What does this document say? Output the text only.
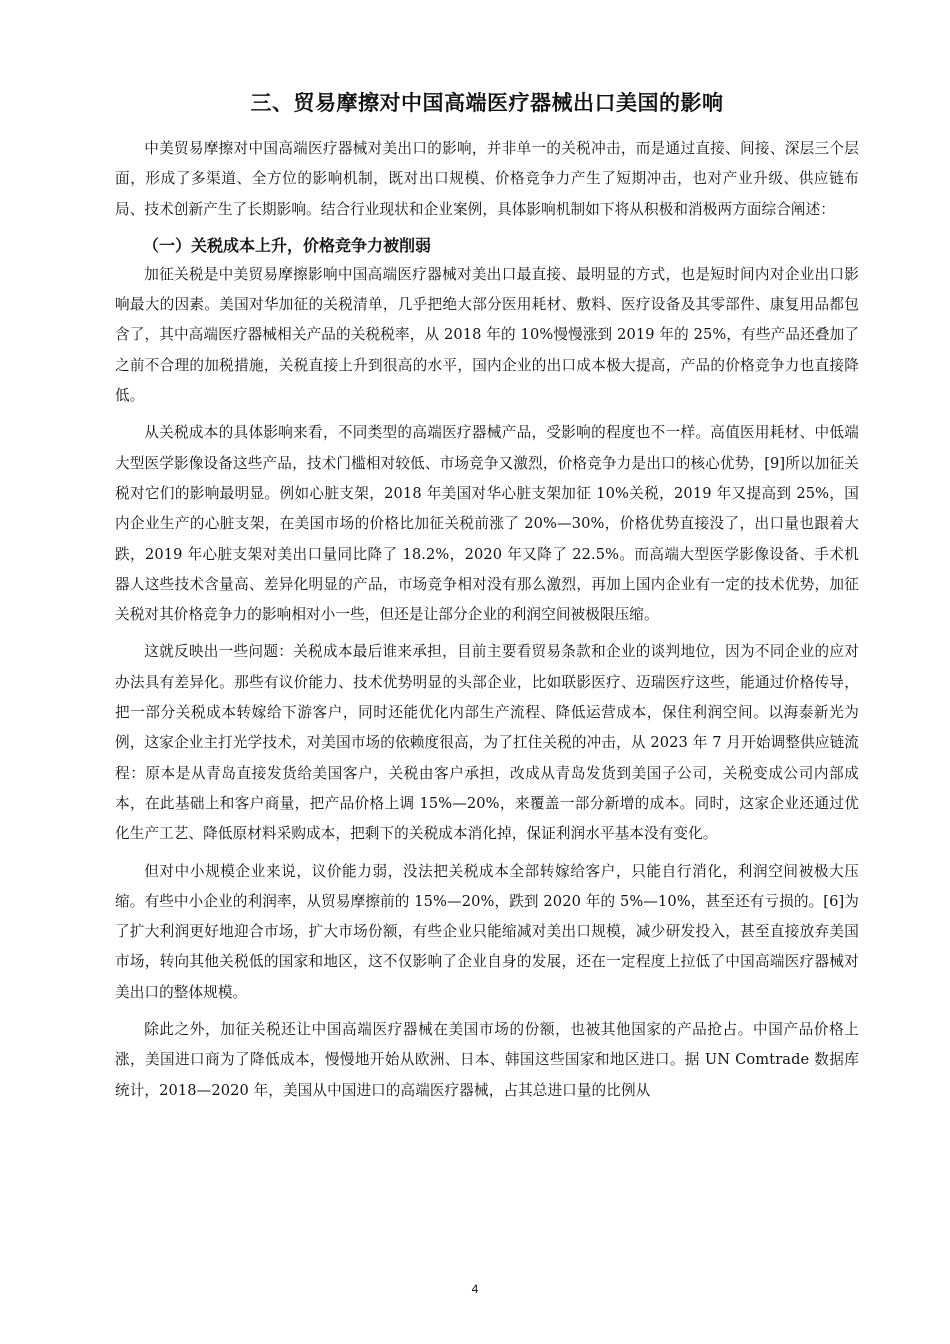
三、贸易摩擦对中国高端医疗器械出口美国的影响

中美贸易摩擦对中国高端医疗器械对美出口的影响，并非单一的关税冲击，而是通过直接、间接、深层三个层面，形成了多渠道、全方位的影响机制，既对出口规模、价格竞争力产生了短期冲击，也对产业升级、供应链布局、技术创新产生了长期影响。结合行业现状和企业案例，具体影响机制如下将从积极和消极两方面综合阐述：

（一）关税成本上升，价格竞争力被削弱

加征关税是中美贸易摩擦影响中国高端医疗器械对美出口最直接、最明显的方式，也是短时间内对企业出口影响最大的因素。美国对华加征的关税清单，几乎把绝大部分医用耗材、敷料、医疗设备及其零部件、康复用品都包含了，其中高端医疗器械相关产品的关税税率，从 2018 年的 10%慢慢涨到 2019 年的 25%，有些产品还叠加了之前不合理的加税措施，关税直接上升到很高的水平，国内企业的出口成本极大提高，产品的价格竞争力也直接降低。

从关税成本的具体影响来看，不同类型的高端医疗器械产品，受影响的程度也不一样。高值医用耗材、中低端大型医学影像设备这些产品，技术门槛相对较低、市场竞争又激烈，价格竞争力是出口的核心优势，[9]所以加征关税对它们的影响最明显。例如心脏支架，2018 年美国对华心脏支架加征 10%关税，2019 年又提高到 25%，国内企业生产的心脏支架，在美国市场的价格比加征关税前涨了 20%—30%，价格优势直接没了，出口量也跟着大跌，2019 年心脏支架对美出口量同比降了 18.2%，2020 年又降了 22.5%。而高端大型医学影像设备、手术机器人这些技术含量高、差异化明显的产品，市场竞争相对没有那么激烈，再加上国内企业有一定的技术优势，加征关税对其价格竞争力的影响相对小一些，但还是让部分企业的利润空间被极限压缩。

这就反映出一些问题：关税成本最后谁来承担，目前主要看贸易条款和企业的谈判地位，因为不同企业的应对办法具有差异化。那些有议价能力、技术优势明显的头部企业，比如联影医疗、迈瑞医疗这些，能通过价格传导，把一部分关税成本转嫁给下游客户，同时还能优化内部生产流程、降低运营成本，保住利润空间。以海泰新光为例，这家企业主打光学技术，对美国市场的依赖度很高，为了扛住关税的冲击，从 2023 年 7 月开始调整供应链流程：原本是从青岛直接发货给美国客户，关税由客户承担，改成从青岛发货到美国子公司，关税变成公司内部成本，在此基础上和客户商量，把产品价格上调 15%—20%，来覆盖一部分新增的成本。同时，这家企业还通过优化生产工艺、降低原材料采购成本，把剩下的关税成本消化掉，保证利润水平基本没有变化。

但对中小规模企业来说，议价能力弱，没法把关税成本全部转嫁给客户，只能自行消化，利润空间被极大压缩。有些中小企业的利润率，从贸易摩擦前的 15%—20%，跌到 2020 年的 5%—10%，甚至还有亏损的。[6]为了扩大利润更好地迎合市场，扩大市场份额，有些企业只能缩减对美出口规模，减少研发投入，甚至直接放弃美国市场，转向其他关税低的国家和地区，这不仅影响了企业自身的发展，还在一定程度上拉低了中国高端医疗器械对美出口的整体规模。

除此之外，加征关税还让中国高端医疗器械在美国市场的份额，也被其他国家的产品抢占。中国产品价格上涨，美国进口商为了降低成本，慢慢地开始从欧洲、日本、韩国这些国家和地区进口。据 UN Comtrade 数据库统计，2018—2020 年，美国从中国进口的高端医疗器械，占其总进口量的比例从

4
